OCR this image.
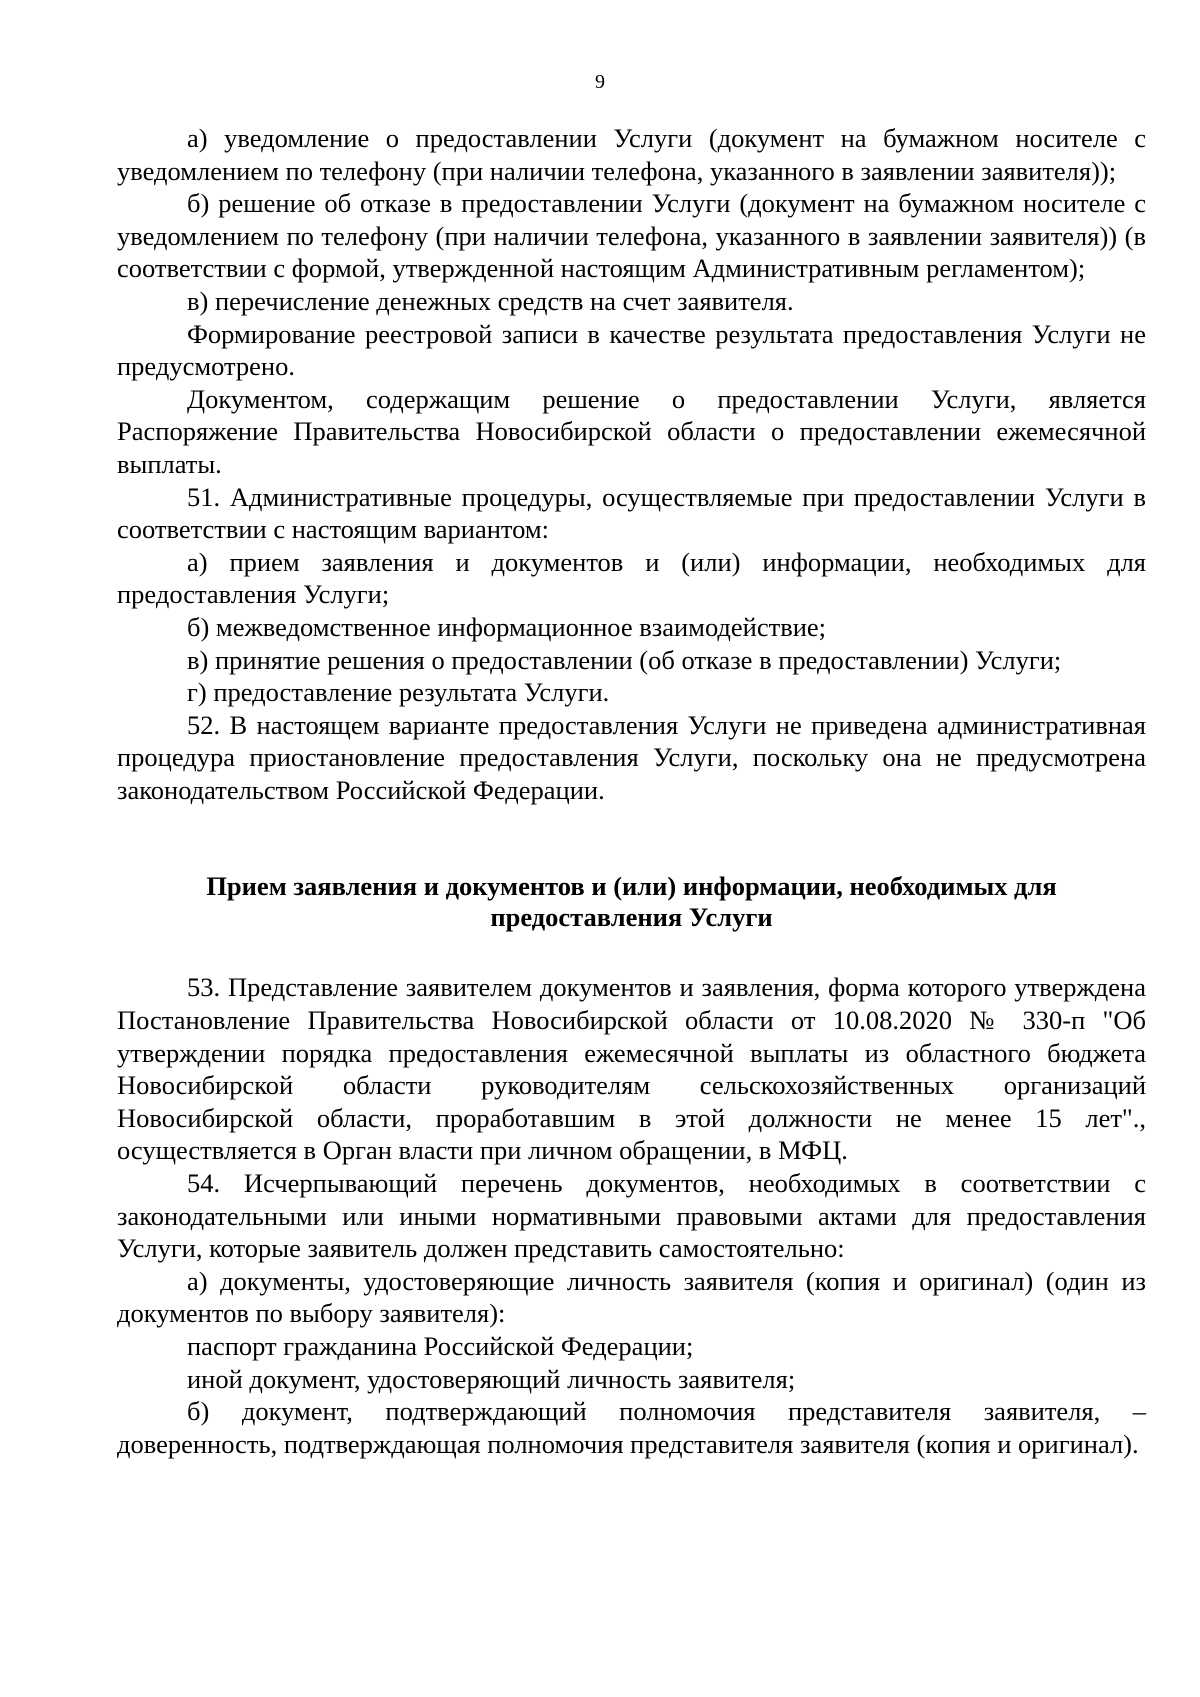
9

а) уведомление о предоставлении Услуги (документ на бумажном носителе с уведомлением по телефону (при наличии телефона, указанного в заявлении заявителя));

б) решение об отказе в предоставлении Услуги (документ на бумажном носителе с уведомлением по телефону (при наличии телефона, указанного в заявлении заявителя)) (в соответствии с формой, утвержденной настоящим Административным регламентом);

в) перечисление денежных средств на счет заявителя.

Формирование реестровой записи в качестве результата предоставления Услуги не предусмотрено.

Документом, содержащим решение о предоставлении Услуги, является Распоряжение Правительства Новосибирской области о предоставлении ежемесячной выплаты.

51. Административные процедуры, осуществляемые при предоставлении Услуги в соответствии с настоящим вариантом:

а) прием заявления и документов и (или) информации, необходимых для предоставления Услуги;

б) межведомственное информационное взаимодействие;

в) принятие решения о предоставлении (об отказе в предоставлении) Услуги;

г) предоставление результата Услуги.

52. В настоящем варианте предоставления Услуги не приведена административная процедура приостановление предоставления Услуги, поскольку она не предусмотрена законодательством Российской Федерации.

Прием заявления и документов и (или) информации, необходимых для
предоставления Услуги

53. Представление заявителем документов и заявления, форма которого утверждена Постановление Правительства Новосибирской области от 10.08.2020 № 330-п "Об утверждении порядка предоставления ежемесячной выплаты из областного бюджета Новосибирской области руководителям сельскохозяйственных организаций Новосибирской области, проработавшим в этой должности не менее 15 лет"., осуществляется в Орган власти при личном обращении, в МФЦ.

54. Исчерпывающий перечень документов, необходимых в соответствии с законодательными или иными нормативными правовыми актами для предоставления Услуги, которые заявитель должен представить самостоятельно:

а) документы, удостоверяющие личность заявителя (копия и оригинал) (один из документов по выбору заявителя):

паспорт гражданина Российской Федерации;

иной документ, удостоверяющий личность заявителя;

б) документ, подтверждающий полномочия представителя заявителя, – доверенность, подтверждающая полномочия представителя заявителя (копия и оригинал).
